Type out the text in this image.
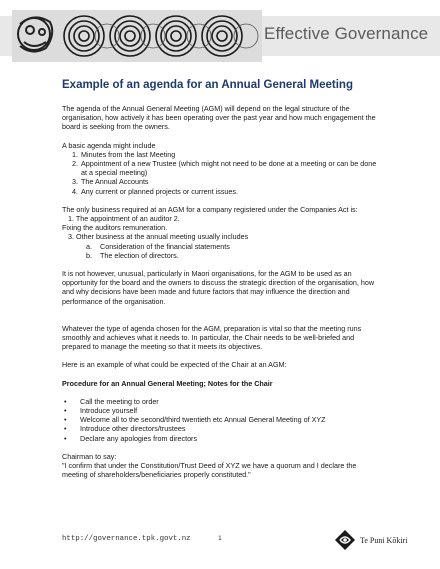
Effective Governance
Example of an agenda for an Annual General Meeting

The agenda of the Annual General Meeting (AGM) will depend on the legal structure of the organisation, how actively it has been operating over the past year and how much engagement the board is seeking from the owners.

A basic agenda might include

1. Minutes from the last Meeting
2. Appointment of a new Trustee (which might not need to be done at a meeting or can be done at a special meeting)
3. The Annual Accounts
4. Any current or planned projects or current issues.

The only business required at an AGM for a company registered under the Companies Act is:

1. The appointment of an auditor 2.

Fixing the auditors remuneration.

3. Other business at the annual meeting usually includes

a.	Consideration of the financial statements
b.	The election of directors.

It is not however, unusual, particularly in Maori organisations, for the AGM to be used as an opportunity for the board and the owners to discuss the strategic direction of the organisation, how and why decisions have been made and future factors that may influence the direction and performance of the organisation.

Whatever the type of agenda chosen for the AGM, preparation is vital so that the meeting runs smoothly and achieves what it needs to. In particular, the Chair needs to be well-briefed and prepared to manage the meeting so that it meets its objectives.

Here is an example of what could be expected of the Chair at an AGM:

Procedure for an Annual General Meeting; Notes for the Chair

•	Call the meeting to order
•	Introduce yourself
•	Welcome all to the second/third twentieth etc Annual General Meeting of XYZ
•	Introduce other directors/trustees
•	Declare any apologies from directors

Chairman to say:

"I confirm that under the Constitution/Trust Deed of XYZ we have a quorum and I declare the meeting of shareholders/beneficiaries properly constituted."

http://governance.tpk.govt.nz	1	Te Puni Kōkiri
